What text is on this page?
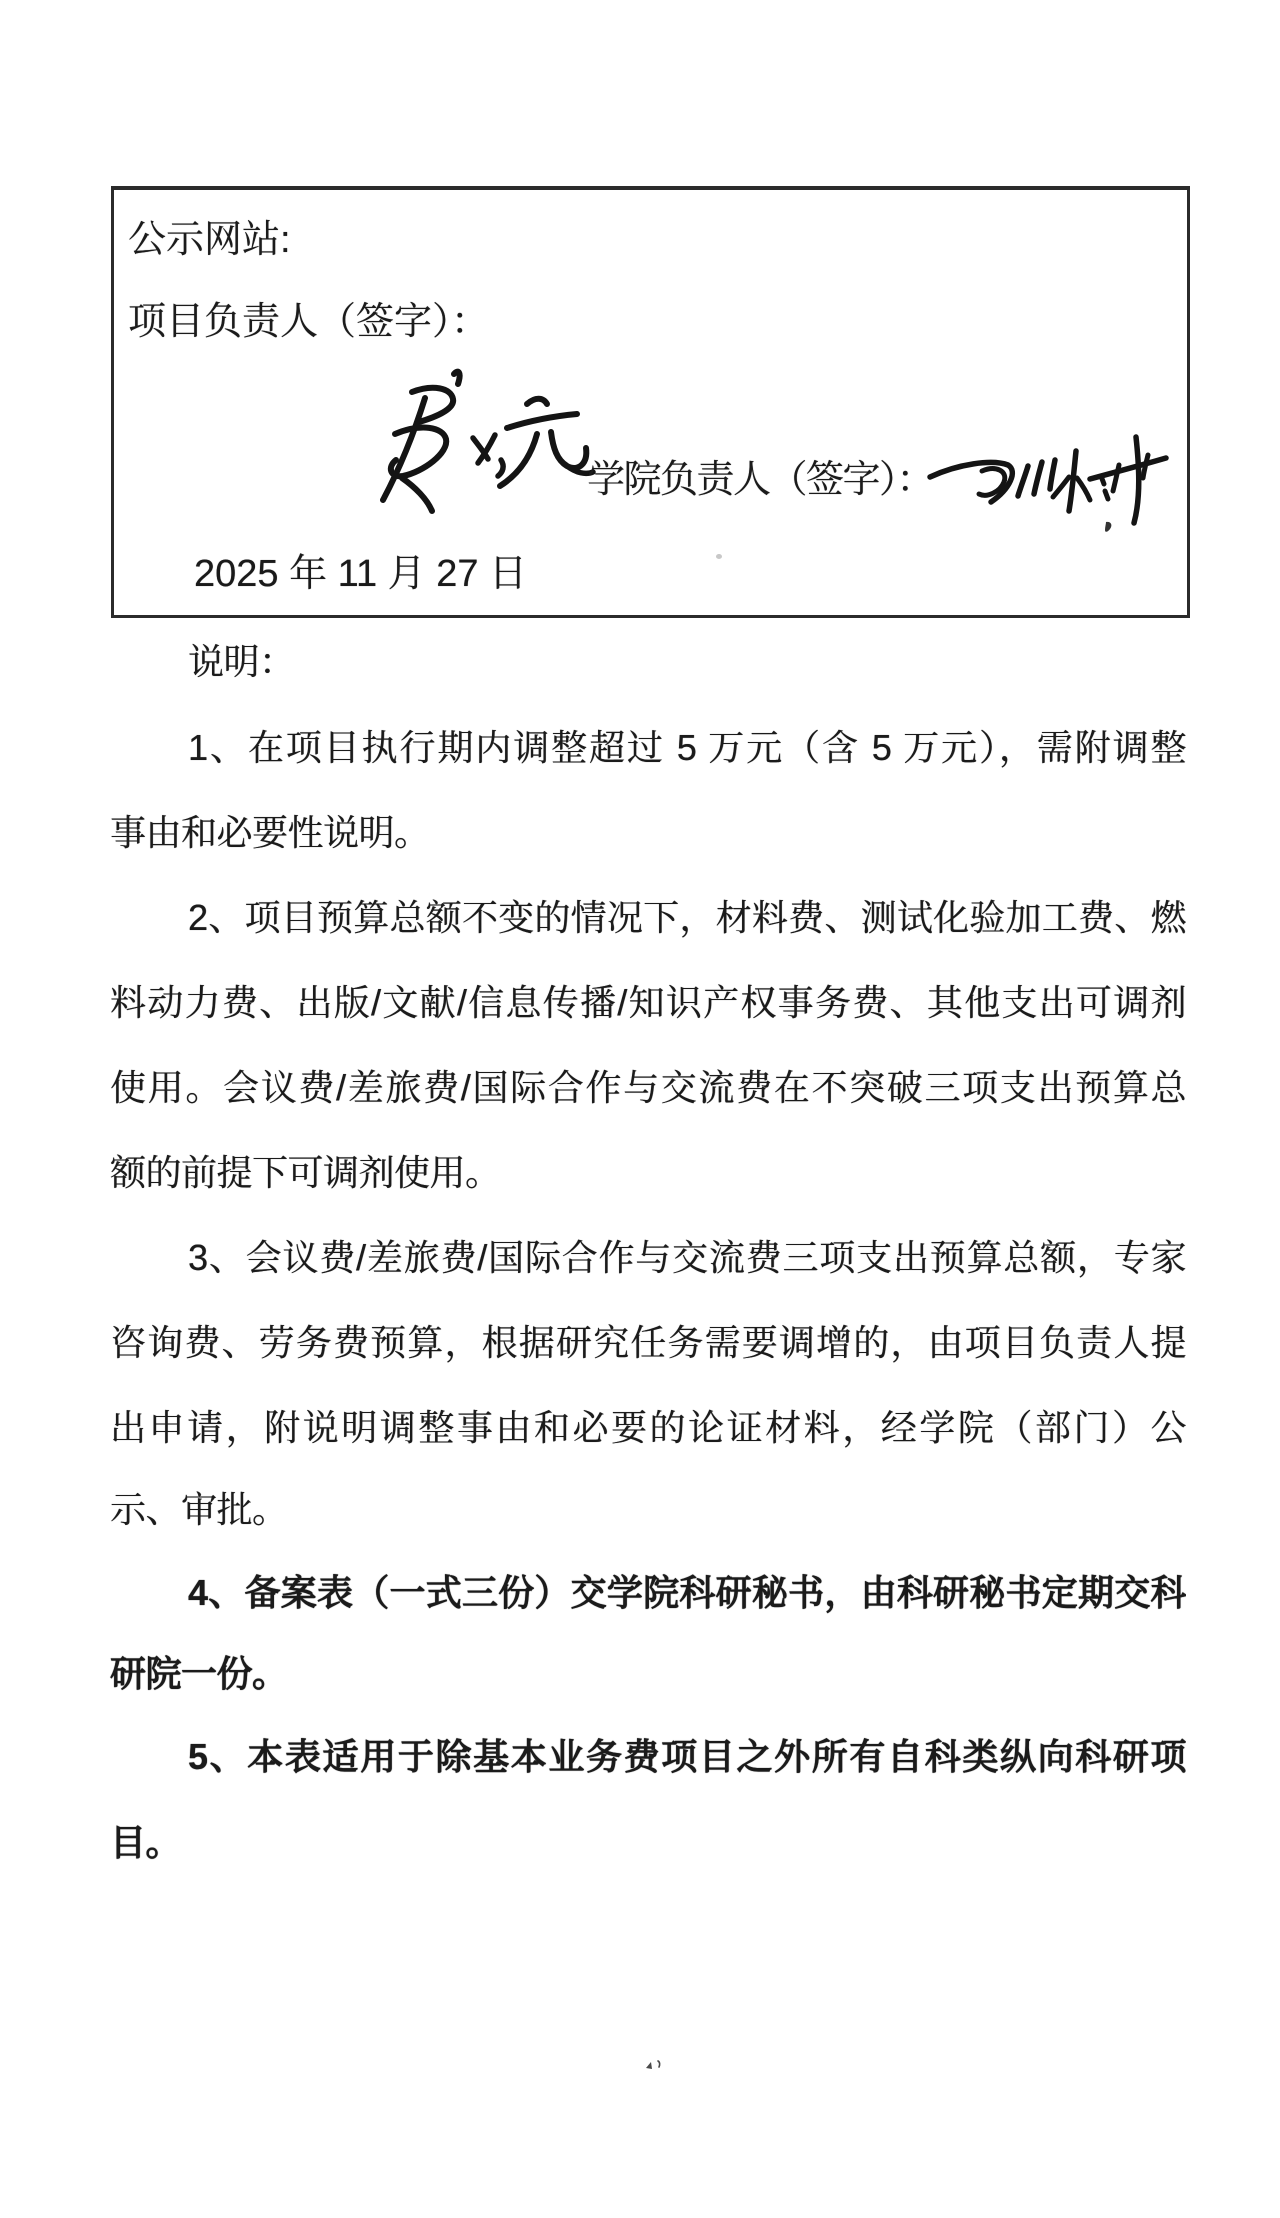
公示网站:
项目负责人（签字）：
学院负责人（签字）：
2025 年 11 月 27 日
说明：
1、在项目执行期内调整超过 5 万元（含 5 万元），需附调整
事由和必要性说明。
2、项目预算总额不变的情况下，材料费、测试化验加工费、燃
料动力费、出版/文献/信息传播/知识产权事务费、其他支出可调剂
使用。会议费/差旅费/国际合作与交流费在不突破三项支出预算总
额的前提下可调剂使用。
3、会议费/差旅费/国际合作与交流费三项支出预算总额，专家
咨询费、劳务费预算，根据研究任务需要调增的，由项目负责人提
出申请，附说明调整事由和必要的论证材料，经学院（部门）公
示、审批。
4、备案表（一式三份）交学院科研秘书，由科研秘书定期交科
研院一份。
5、本表适用于除基本业务费项目之外所有自科类纵向科研项
目。
